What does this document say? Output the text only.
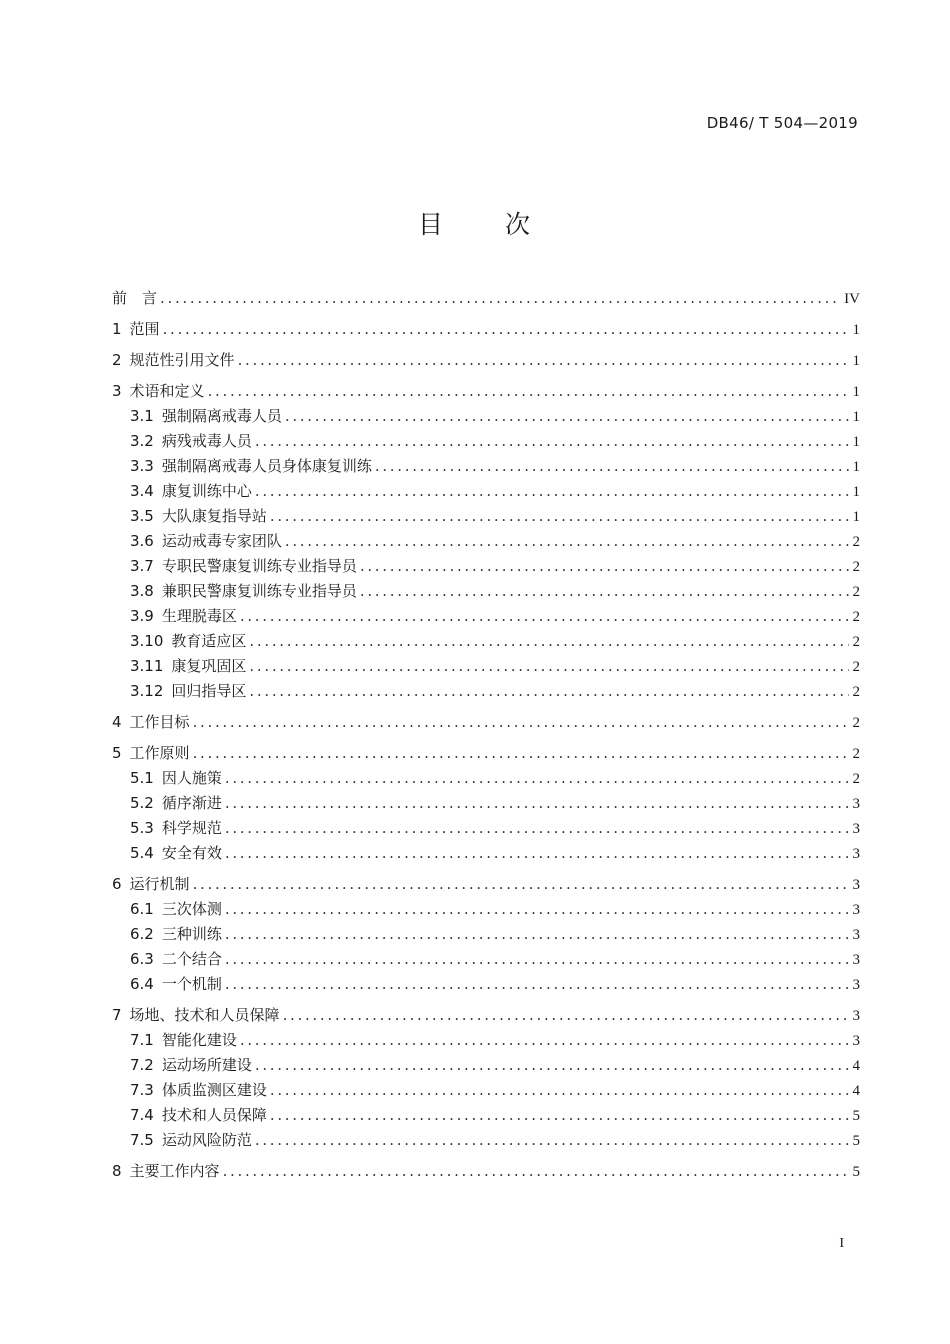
DB46/ T 504—2019
目 次
前　言 .....	IV
1 范围 .....	1
2 规范性引用文件 .....	1
3 术语和定义 .....	1
3.1 强制隔离戒毒人员 .....	1
3.2 病残戒毒人员 .....	1
3.3 强制隔离戒毒人员身体康复训练 .....	1
3.4 康复训练中心 .....	1
3.5 大队康复指导站 .....	1
3.6 运动戒毒专家团队 .....	2
3.7 专职民警康复训练专业指导员 .....	2
3.8 兼职民警康复训练专业指导员 .....	2
3.9 生理脱毒区 .....	2
3.10 教育适应区 .....	2
3.11 康复巩固区 .....	2
3.12 回归指导区 .....	2
4 工作目标 .....	2
5 工作原则 .....	2
5.1 因人施策 .....	2
5.2 循序渐进 .....	3
5.3 科学规范 .....	3
5.4 安全有效 .....	3
6 运行机制 .....	3
6.1 三次体测 .....	3
6.2 三种训练 .....	3
6.3 二个结合 .....	3
6.4 一个机制 .....	3
7 场地、技术和人员保障 .....	3
7.1 智能化建设 .....	3
7.2 运动场所建设 .....	4
7.3 体质监测区建设 .....	4
7.4 技术和人员保障 .....	5
7.5 运动风险防范 .....	5
8 主要工作内容 .....	5
I
